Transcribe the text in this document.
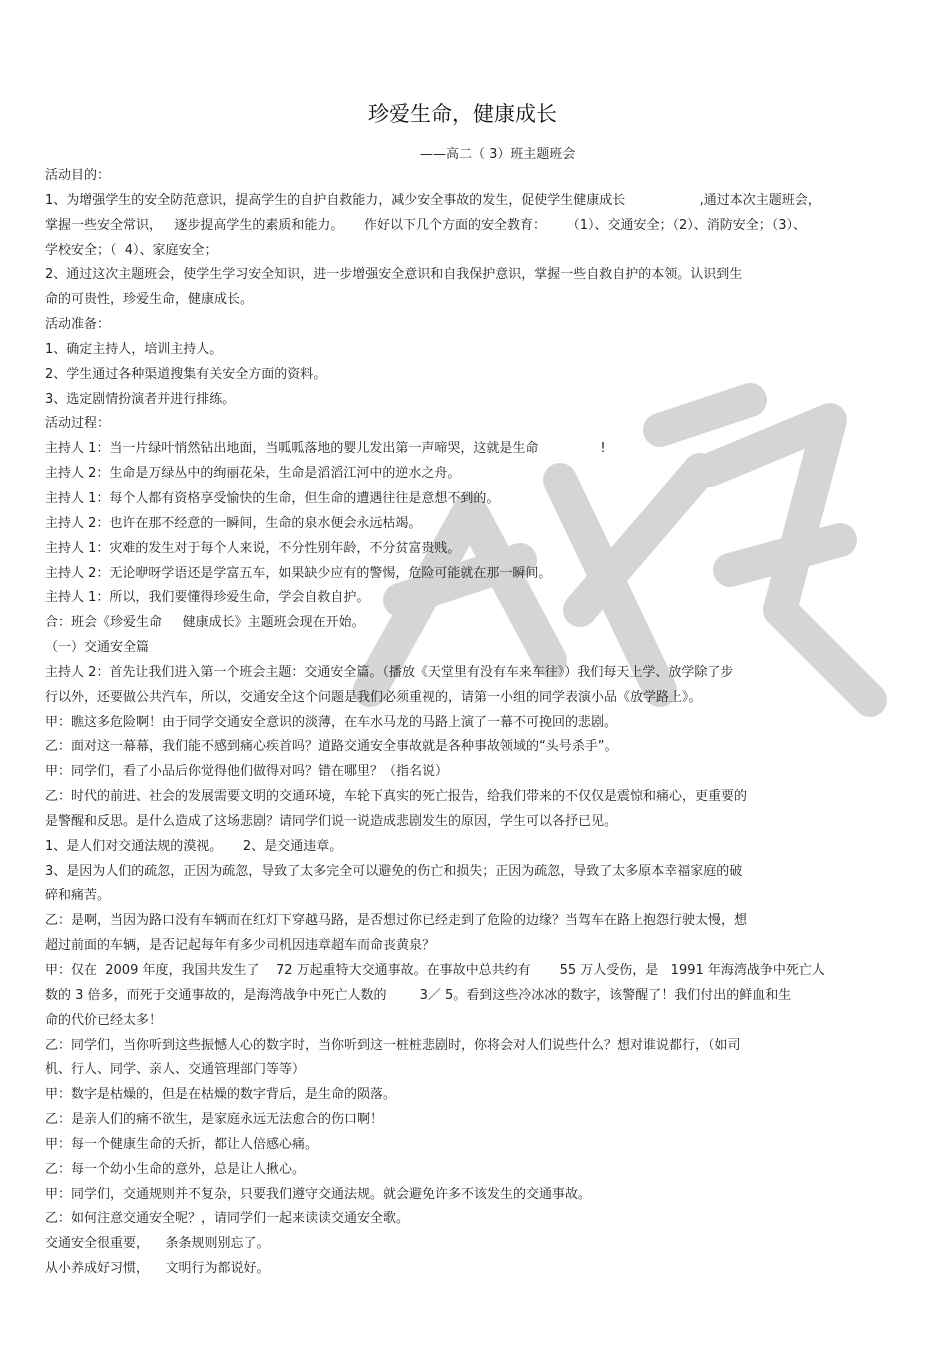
珍爱生命，健康成长
——高二（ 3）班主题班会
活动目的：
1、为增强学生的安全防范意识，提高学生的自护自救能力，减少安全事故的发生，促使学生健康成长                  ,通过本次主题班会，
掌握一些安全常识，   逐步提高学生的素质和能力。     作好以下几个方面的安全教育：     （1）、交通安全；（2）、消防安全；（3）、
学校安全；（  4）、家庭安全；
2、通过这次主题班会，使学生学习安全知识，进一步增强安全意识和自我保护意识，掌握一些自救自护的本领。认识到生
命的可贵性，珍爱生命，健康成长。
活动准备：
1、确定主持人，培训主持人。
2、学生通过各种渠道搜集有关安全方面的资料。
3、选定剧情扮演者并进行排练。
活动过程：
主持人 1：当一片绿叶悄然钻出地面，当呱呱落地的婴儿发出第一声啼哭，这就是生命               !
主持人 2：生命是万绿丛中的绚丽花朵，生命是滔滔江河中的逆水之舟。
主持人 1：每个人都有资格享受愉快的生命，但生命的遭遇往往是意想不到的。
主持人 2：也许在那不经意的一瞬间，生命的泉水便会永远枯竭。
主持人 1：灾难的发生对于每个人来说，不分性别年龄，不分贫富贵贱。
主持人 2：无论咿呀学语还是学富五车，如果缺少应有的警惕，危险可能就在那一瞬间。
主持人 1：所以，我们要懂得珍爱生命，学会自救自护。
合：班会《珍爱生命     健康成长》主题班会现在开始。
（一）交通安全篇
主持人 2：首先让我们进入第一个班会主题：交通安全篇。（播放《天堂里有没有车来车往》）我们每天上学、放学除了步
行以外，还要做公共汽车，所以，交通安全这个问题是我们必须重视的，请第一小组的同学表演小品《放学路上》。
甲：瞧这多危险啊！由于同学交通安全意识的淡薄，在车水马龙的马路上演了一幕不可挽回的悲剧。
乙：面对这一幕幕，我们能不感到痛心疾首吗？道路交通安全事故就是各种事故领域的“头号杀手”。
甲：同学们，看了小品后你觉得他们做得对吗？错在哪里？（指名说）
乙：时代的前进、社会的发展需要文明的交通环境，车轮下真实的死亡报告，给我们带来的不仅仅是震惊和痛心，更重要的
是警醒和反思。是什么造成了这场悲剧？请同学们说一说造成悲剧发生的原因，学生可以各抒已见。
1、是人们对交通法规的漠视。     2、是交通违章。
3、是因为人们的疏忽，正因为疏忽，导致了太多完全可以避免的伤亡和损失；正因为疏忽，导致了太多原本幸福家庭的破
碎和痛苦。
乙：是啊，当因为路口没有车辆而在红灯下穿越马路，是否想过你已经走到了危险的边缘？当驾车在路上抱怨行驶太慢，想
超过前面的车辆，是否记起每年有多少司机因违章超车而命丧黄泉？
甲：仅在  2009 年度，我国共发生了    72 万起重特大交通事故。在事故中总共约有       55 万人受伤，是   1991 年海湾战争中死亡人
数的 3 倍多，而死于交通事故的，是海湾战争中死亡人数的        3／ 5。看到这些冷冰冰的数字，该警醒了！我们付出的鲜血和生
命的代价已经太多！
乙：同学们，当你听到这些振憾人心的数字时，当你听到这一桩桩悲剧时，你将会对人们说些什么？想对谁说都行，（如司
机、行人、同学、亲人、交通管理部门等等）
甲：数字是枯燥的，但是在枯燥的数字背后，是生命的陨落。
乙：是亲人们的痛不欲生，是家庭永远无法愈合的伤口啊！
甲：每一个健康生命的夭折，都让人倍感心痛。
乙：每一个幼小生命的意外，总是让人揪心。
甲：同学们，交通规则并不复杂，只要我们遵守交通法规。就会避免许多不该发生的交通事故。
乙：如何注意交通安全呢？，请同学们一起来读读交通安全歌。
交通安全很重要，    条条规则别忘了。
从小养成好习惯，    文明行为都说好。
